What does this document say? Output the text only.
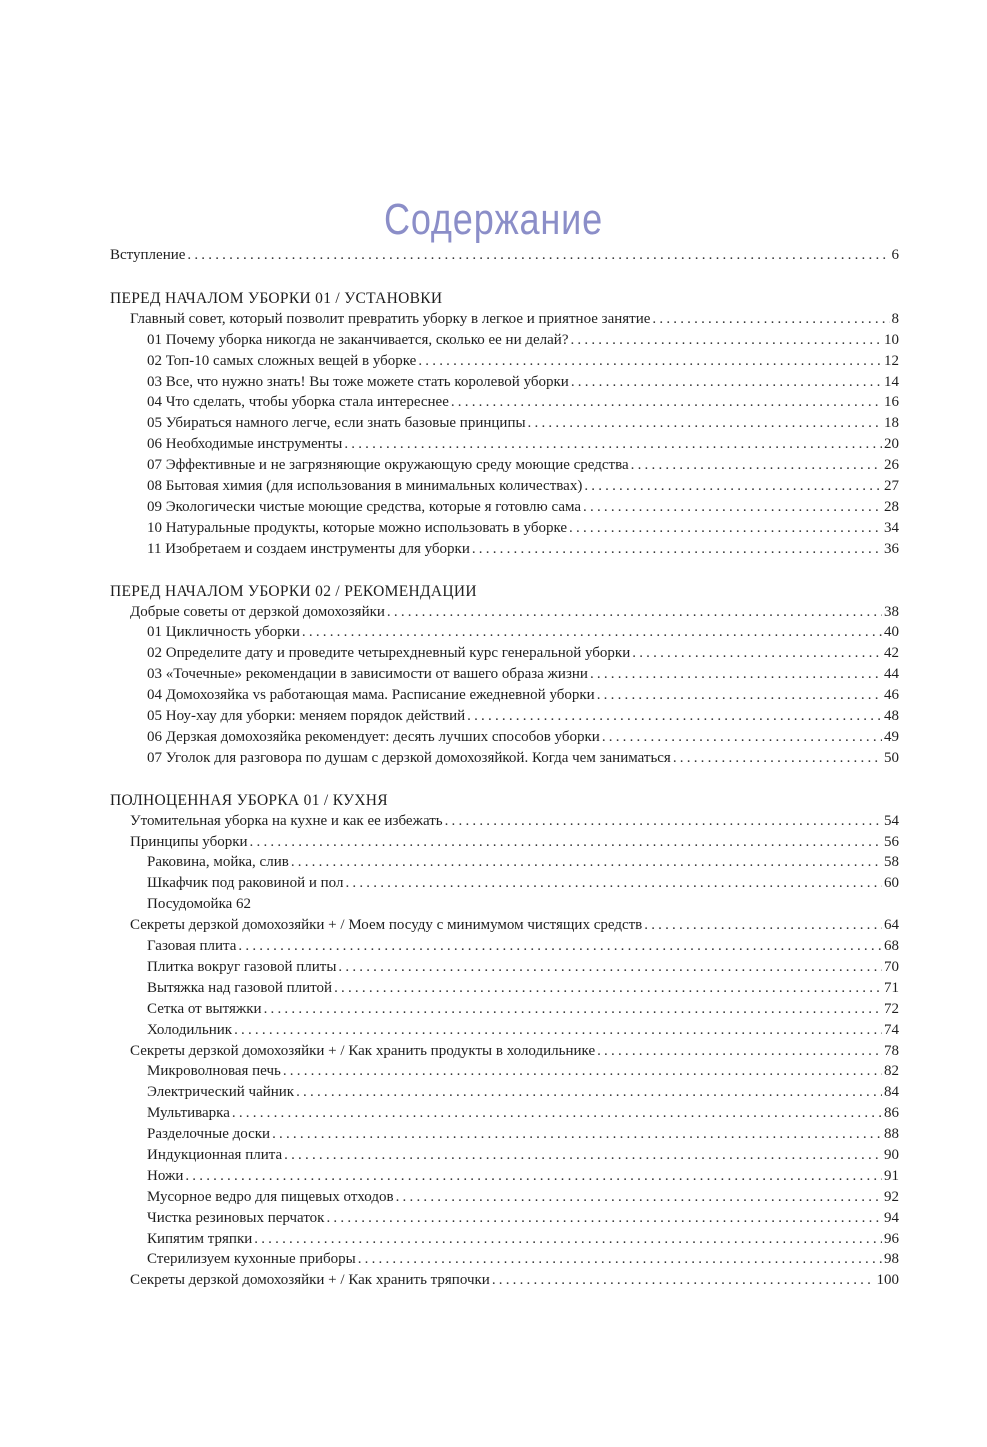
Содержание
Вступление .....	6
ПЕРЕД НАЧАЛОМ УБОРКИ 01 / УСТАНОВКИ
Главный совет, который позволит превратить уборку в легкое и приятное занятие .....	8
01 Почему уборка никогда не заканчивается, сколько ее ни делай? .....	10
02 Топ-10 самых сложных вещей в уборке .....	12
03 Все, что нужно знать! Вы тоже можете стать королевой уборки .....	14
04 Что сделать, чтобы уборка стала интереснее .....	16
05 Убираться намного легче, если знать базовые принципы .....	18
06 Необходимые инструменты .....	20
07 Эффективные и не загрязняющие окружающую среду моющие средства .....	26
08 Бытовая химия (для использования в минимальных количествах) .....	27
09 Экологически чистые моющие средства, которые я готовлю сама .....	28
10 Натуральные продукты, которые можно использовать в уборке .....	34
11 Изобретаем и создаем инструменты для уборки .....	36
ПЕРЕД НАЧАЛОМ УБОРКИ 02 / РЕКОМЕНДАЦИИ
Добрые советы от дерзкой домохозяйки .....	38
01 Цикличность уборки .....	40
02 Определите дату и проведите четырехдневный курс генеральной уборки .....	42
03 «Точечные» рекомендации в зависимости от вашего образа жизни .....	44
04 Домохозяйка vs работающая мама. Расписание ежедневной уборки .....	46
05 Ноу-хау для уборки: меняем порядок действий .....	48
06 Дерзкая домохозяйка рекомендует: десять лучших способов уборки .....	49
07 Уголок для разговора по душам с дерзкой домохозяйкой. Когда чем заниматься .....	50
ПОЛНОЦЕННАЯ УБОРКА 01 / КУХНЯ
Утомительная уборка на кухне и как ее избежать .....	54
Принципы уборки .....	56
Раковина, мойка, слив .....	58
Шкафчик под раковиной и пол .....	60
Посудомойка 62
Секреты дерзкой домохозяйки + / Моем посуду с минимумом чистящих средств .....	64
Газовая плита .....	68
Плитка вокруг газовой плиты .....	70
Вытяжка над газовой плитой .....	71
Сетка от вытяжки .....	72
Холодильник .....	74
Секреты дерзкой домохозяйки + / Как хранить продукты в холодильнике .....	78
Микроволновая печь .....	82
Электрический чайник .....	84
Мультиварка .....	86
Разделочные доски .....	88
Индукционная плита .....	90
Ножи .....	91
Мусорное ведро для пищевых отходов .....	92
Чистка резиновых перчаток .....	94
Кипятим тряпки .....	96
Стерилизуем кухонные приборы .....	98
Секреты дерзкой домохозяйки + / Как хранить тряпочки .....	100
